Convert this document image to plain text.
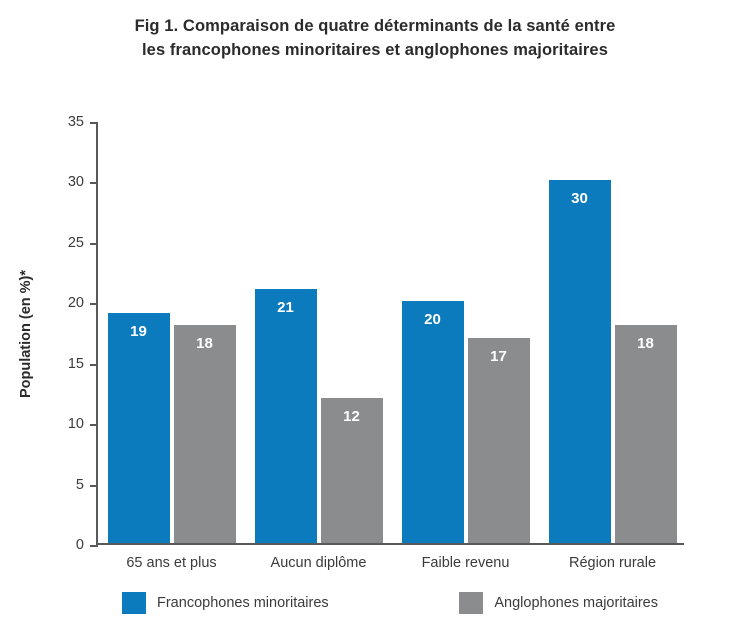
Fig 1. Comparaison de quatre déterminants de la santé entre
les francophones minoritaires et anglophones majoritaires
Population (en %)*
0
5
10
15
20
25
30
35
19
18
65 ans et plus
21
12
Aucun diplôme
20
17
Faible revenu
30
18
Région rurale
Francophones minoritaires	Anglophones majoritaires
